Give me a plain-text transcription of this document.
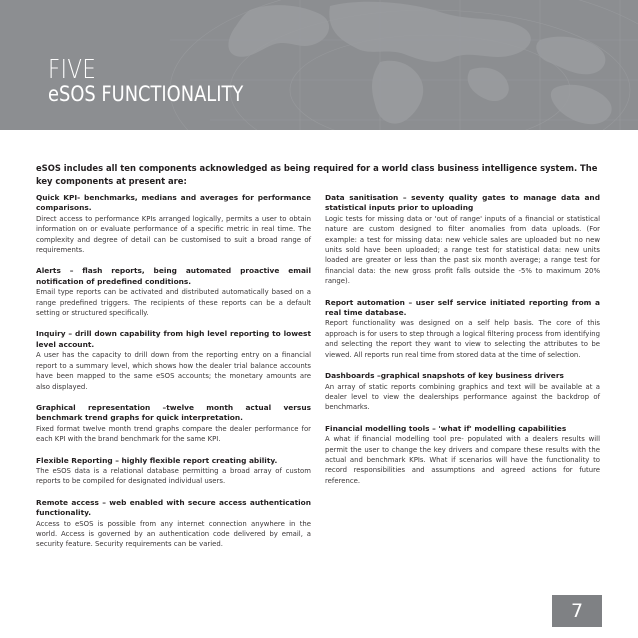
FIVE
eSOS FUNCTIONALITY
eSOS includes all ten components acknowledged as being required for a world class business intelligence system. The key components at present are:
Quick KPI- benchmarks, medians and averages for performance comparisons.

Direct access to performance KPIs arranged logically, permits a user to obtain information on or evaluate performance of a specific metric in real time. The complexity and degree of detail can be customised to suit a broad range of requirements.

Alerts – flash reports, being automated proactive email notification of predefined conditions.

Email type reports can be activated and distributed automatically based on a range predefined triggers. The recipients of these reports can be a default setting or structured specifically.

Inquiry – drill down capability from high level reporting to lowest level account.

A user has the capacity to drill down from the reporting entry on a financial report to a summary level, which shows how the dealer trial balance accounts have been mapped to the same eSOS accounts; the monetary amounts are also displayed.

Graphical representation –twelve month actual versus benchmark trend graphs for quick interpretation.

Fixed format twelve month trend graphs compare the dealer performance for each KPI with the brand benchmark for the same KPI.

Flexible Reporting – highly flexible report creating ability.

The eSOS data is a relational database permitting a broad array of custom reports to be compiled for designated individual users.

Remote access – web enabled with secure access authentication functionality.

Access to eSOS is possible from any internet connection anywhere in the world. Access is governed by an authentication code delivered by email, a security feature. Security requirements can be varied.

Data sanitisation – seventy quality gates to manage data and statistical inputs prior to uploading

Logic tests for missing data or 'out of range' inputs of a financial or statistical nature are custom designed to filter anomalies from data uploads. (For example: a test for missing data: new vehicle sales are uploaded but no new units sold have been uploaded; a range test for statistical data: new units loaded are greater or less than the past six month average; a range test for financial data: the new gross profit falls outside the -5% to maximum 20% range).

Report automation – user self service initiated reporting from a real time database.

Report functionality was designed on a self help basis. The core of this approach is for users to step through a logical filtering process from identifying and selecting the report they want to view to selecting the attributes to be viewed. All reports run real time from stored data at the time of selection.

Dashboards –graphical snapshots of key business drivers

An array of static reports combining graphics and text will be available at a dealer level to view the dealerships performance against the backdrop of benchmarks.

Financial modelling tools – 'what if' modelling capabilities

A what if financial modelling tool pre- populated with a dealers results will permit the user to change the key drivers and compare these results with the actual and benchmark KPIs. What if scenarios will have the functionality to record responsibilities and assumptions and agreed actions for future reference.

7
